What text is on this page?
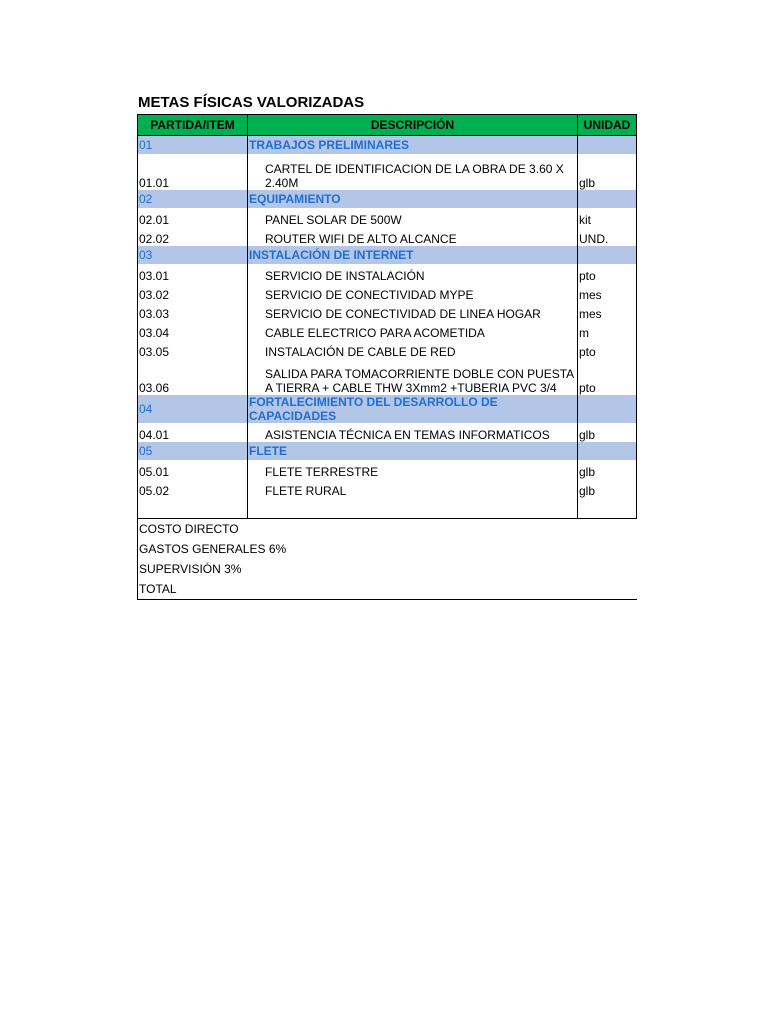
METAS FÍSICAS VALORIZADAS
PARTIDA/ITEM	DESCRIPCIÓN	UNIDAD
01	TRABAJOS PRELIMINARES	
01.01	CARTEL DE IDENTIFICACION DE LA OBRA DE 3.60 X 2.40M	glb
02	EQUIPAMIENTO	
02.01	PANEL SOLAR DE 500W	kit
02.02	ROUTER WIFI DE ALTO ALCANCE	UND.
03	INSTALACIÓN DE INTERNET	
03.01	SERVICIO DE INSTALACIÓN	pto
03.02	SERVICIO DE CONECTIVIDAD MYPE	mes
03.03	SERVICIO DE CONECTIVIDAD DE LINEA HOGAR	mes
03.04	CABLE ELECTRICO PARA ACOMETIDA	m
03.05	INSTALACIÓN DE CABLE DE RED	pto
03.06	SALIDA PARA TOMACORRIENTE DOBLE CON PUESTA A TIERRA + CABLE THW 3Xmm2 +TUBERIA PVC 3/4	pto
04	FORTALECIMIENTO DEL DESARROLLO DE CAPACIDADES	
04.01	ASISTENCIA TÉCNICA EN TEMAS INFORMATICOS	glb
05	FLETE	
05.01	FLETE TERRESTRE	glb
05.02	FLETE RURAL	glb

COSTO DIRECTO		
GASTOS GENERALES 6%		
SUPERVISIÓN 3%		
TOTAL		
